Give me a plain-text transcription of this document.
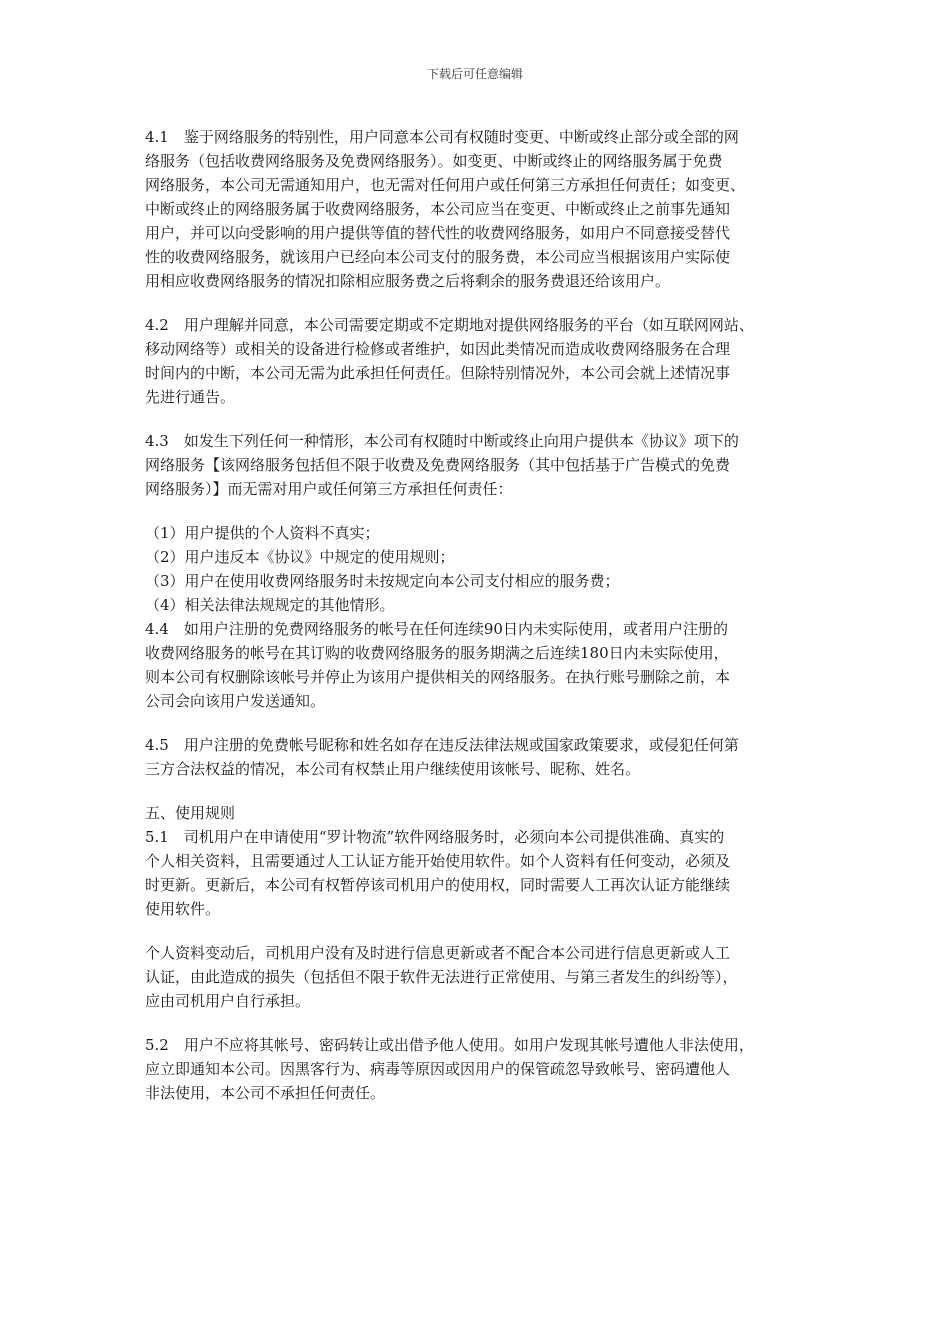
下载后可任意编辑
4.1　鉴于网络服务的特别性，用户同意本公司有权随时变更、中断或终止部分或全部的网
络服务（包括收费网络服务及免费网络服务）。如变更、中断或终止的网络服务属于免费
网络服务，本公司无需通知用户，也无需对任何用户或任何第三方承担任何责任；如变更、
中断或终止的网络服务属于收费网络服务，本公司应当在变更、中断或终止之前事先通知
用户，并可以向受影响的用户提供等值的替代性的收费网络服务，如用户不同意接受替代
性的收费网络服务，就该用户已经向本公司支付的服务费，本公司应当根据该用户实际使
用相应收费网络服务的情况扣除相应服务费之后将剩余的服务费退还给该用户。
4.2　用户理解并同意，本公司需要定期或不定期地对提供网络服务的平台（如互联网网站、
移动网络等）或相关的设备进行检修或者维护，如因此类情况而造成收费网络服务在合理
时间内的中断，本公司无需为此承担任何责任。但除特别情况外，本公司会就上述情况事
先进行通告。
4.3　如发生下列任何一种情形，本公司有权随时中断或终止向用户提供本《协议》项下的
网络服务【该网络服务包括但不限于收费及免费网络服务（其中包括基于广告模式的免费
网络服务）】而无需对用户或任何第三方承担任何责任：
（1）用户提供的个人资料不真实；
（2）用户违反本《协议》中规定的使用规则；
（3）用户在使用收费网络服务时未按规定向本公司支付相应的服务费；
（4）相关法律法规规定的其他情形。
4.4　如用户注册的免费网络服务的帐号在任何连续90日内未实际使用，或者用户注册的
收费网络服务的帐号在其订购的收费网络服务的服务期满之后连续180日内未实际使用，
则本公司有权删除该帐号并停止为该用户提供相关的网络服务。在执行账号删除之前，本
公司会向该用户发送通知。
4.5　用户注册的免费帐号昵称和姓名如存在违反法律法规或国家政策要求，或侵犯任何第
三方合法权益的情况，本公司有权禁止用户继续使用该帐号、昵称、姓名。
五、使用规则
5.1　司机用户在申请使用“罗计物流”软件网络服务时，必须向本公司提供准确、真实的
个人相关资料，且需要通过人工认证方能开始使用软件。如个人资料有任何变动，必须及
时更新。更新后，本公司有权暂停该司机用户的使用权，同时需要人工再次认证方能继续
使用软件。
个人资料变动后，司机用户没有及时进行信息更新或者不配合本公司进行信息更新或人工
认证，由此造成的损失（包括但不限于软件无法进行正常使用、与第三者发生的纠纷等），
应由司机用户自行承担。
5.2　用户不应将其帐号、密码转让或出借予他人使用。如用户发现其帐号遭他人非法使用，
应立即通知本公司。因黑客行为、病毒等原因或因用户的保管疏忽导致帐号、密码遭他人
非法使用，本公司不承担任何责任。
